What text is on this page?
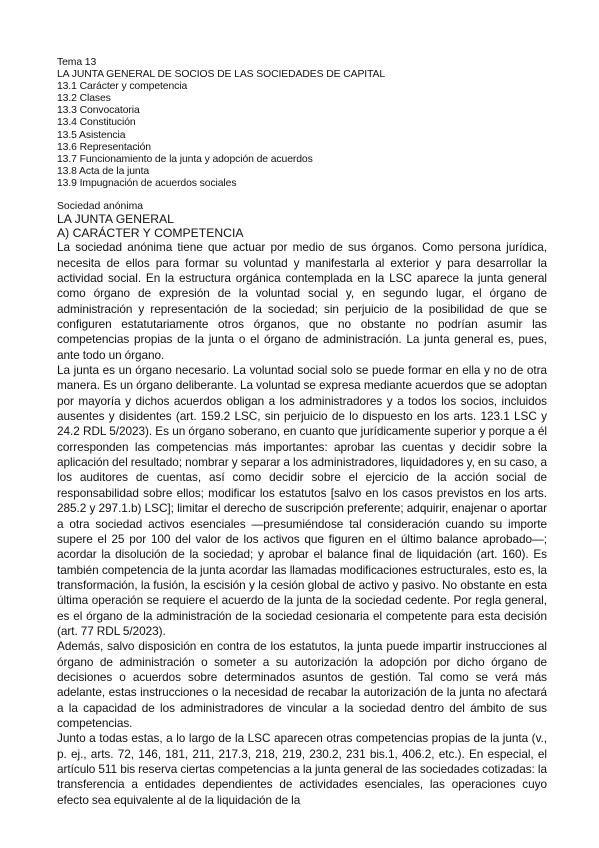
Tema 13
LA JUNTA GENERAL DE SOCIOS DE LAS SOCIEDADES DE CAPITAL
13.1 Carácter y competencia
13.2 Clases
13.3 Convocatoria
13.4 Constitución
13.5 Asistencia
13.6 Representación
13.7 Funcionamiento de la junta y adopción de acuerdos
13.8 Acta de la junta
13.9 Impugnación de acuerdos sociales
Sociedad anónima
LA JUNTA GENERAL
A) CARÁCTER Y COMPETENCIA
La sociedad anónima tiene que actuar por medio de sus órganos. Como persona jurídica, necesita de ellos para formar su voluntad y manifestarla al exterior y para desarrollar la actividad social. En la estructura orgánica contemplada en la LSC aparece la junta general como órgano de expresión de la voluntad social y, en segundo lugar, el órgano de administración y representación de la sociedad; sin perjuicio de la posibilidad de que se configuren estatutariamente otros órganos, que no obstante no podrían asumir las competencias propias de la junta o el órgano de administración. La junta general es, pues, ante todo un órgano.
La junta es un órgano necesario. La voluntad social solo se puede formar en ella y no de otra manera. Es un órgano deliberante. La voluntad se expresa mediante acuerdos que se adoptan por mayoría y dichos acuerdos obligan a los administradores y a todos los socios, incluidos ausentes y disidentes (art. 159.2 LSC, sin perjuicio de lo dispuesto en los arts. 123.1 LSC y 24.2 RDL 5/2023). Es un órgano soberano, en cuanto que jurídicamente superior y porque a él corresponden las competencias más importantes: aprobar las cuentas y decidir sobre la aplicación del resultado; nombrar y separar a los administradores, liquidadores y, en su caso, a los auditores de cuentas, así como decidir sobre el ejercicio de la acción social de responsabilidad sobre ellos; modificar los estatutos [salvo en los casos previstos en los arts. 285.2 y 297.1.b) LSC]; limitar el derecho de suscripción preferente; adquirir, enajenar o aportar a otra sociedad activos esenciales —presumiéndose tal consideración cuando su importe supere el 25 por 100 del valor de los activos que figuren en el último balance aprobado—; acordar la disolución de la sociedad; y aprobar el balance final de liquidación (art. 160). Es también competencia de la junta acordar las llamadas modificaciones estructurales, esto es, la transformación, la fusión, la escisión y la cesión global de activo y pasivo. No obstante en esta última operación se requiere el acuerdo de la junta de la sociedad cedente. Por regla general, es el órgano de la administración de la sociedad cesionaria el competente para esta decisión (art. 77 RDL 5/2023).
Además, salvo disposición en contra de los estatutos, la junta puede impartir instrucciones al órgano de administración o someter a su autorización la adopción por dicho órgano de decisiones o acuerdos sobre determinados asuntos de gestión. Tal como se verá más adelante, estas instrucciones o la necesidad de recabar la autorización de la junta no afectará a la capacidad de los administradores de vincular a la sociedad dentro del ámbito de sus competencias.
Junto a todas estas, a lo largo de la LSC aparecen otras competencias propias de la junta (v., p. ej., arts. 72, 146, 181, 211, 217.3, 218, 219, 230.2, 231 bis.1, 406.2, etc.). En especial, el artículo 511 bis reserva ciertas competencias a la junta general de las sociedades cotizadas: la transferencia a entidades dependientes de actividades esenciales, las operaciones cuyo efecto sea equivalente al de la liquidación de la
